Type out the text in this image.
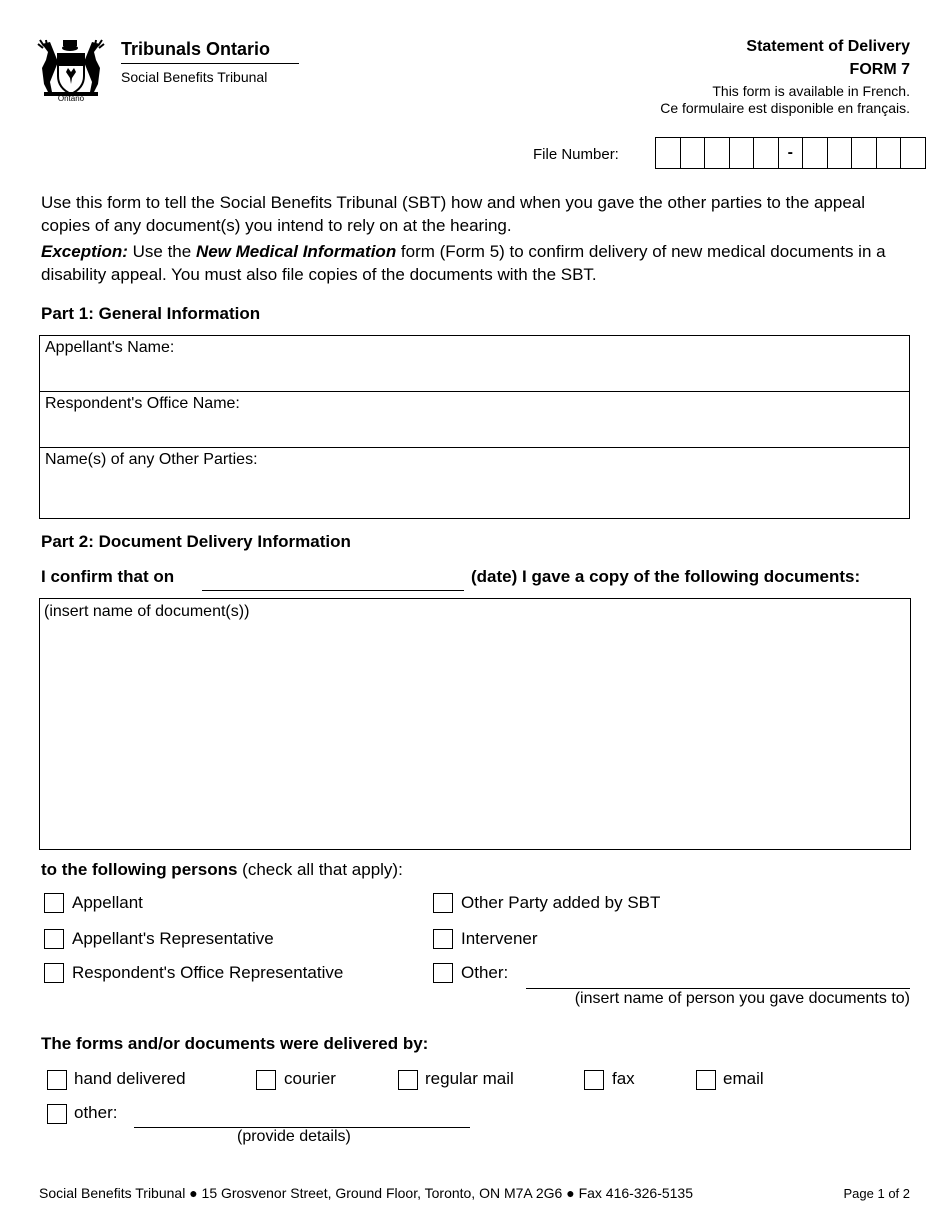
Ontario
Tribunals Ontario
Social Benefits Tribunal
Statement of Delivery
FORM 7
This form is available in French.
Ce formulaire est disponible en français.
File Number:	-

Use this form to tell the Social Benefits Tribunal (SBT) how and when you gave the other parties to the appeal copies of any document(s) you intend to rely on at the hearing.

Exception: Use the New Medical Information form (Form 5) to confirm delivery of new medical documents in a disability appeal. You must also file copies of the documents with the SBT.

Part 1: General Information
Appellant's Name:
Respondent's Office Name:
Name(s) of any Other Parties:
Part 2: Document Delivery Information
I confirm that on	(date) I gave a copy of the following documents:
(insert name of document(s))
to the following persons (check all that apply):
Appellant	Other Party added by SBT
Appellant's Representative	Intervener
Respondent's Office Representative	Other:
(insert name of person you gave documents to)
The forms and/or documents were delivered by:
hand delivered	courier	regular mail	fax	email
other:
(provide details)
Social Benefits Tribunal ● 15 Grosvenor Street, Ground Floor, Toronto, ON M7A 2G6 ● Fax 416-326-5135	Page 1 of 2
